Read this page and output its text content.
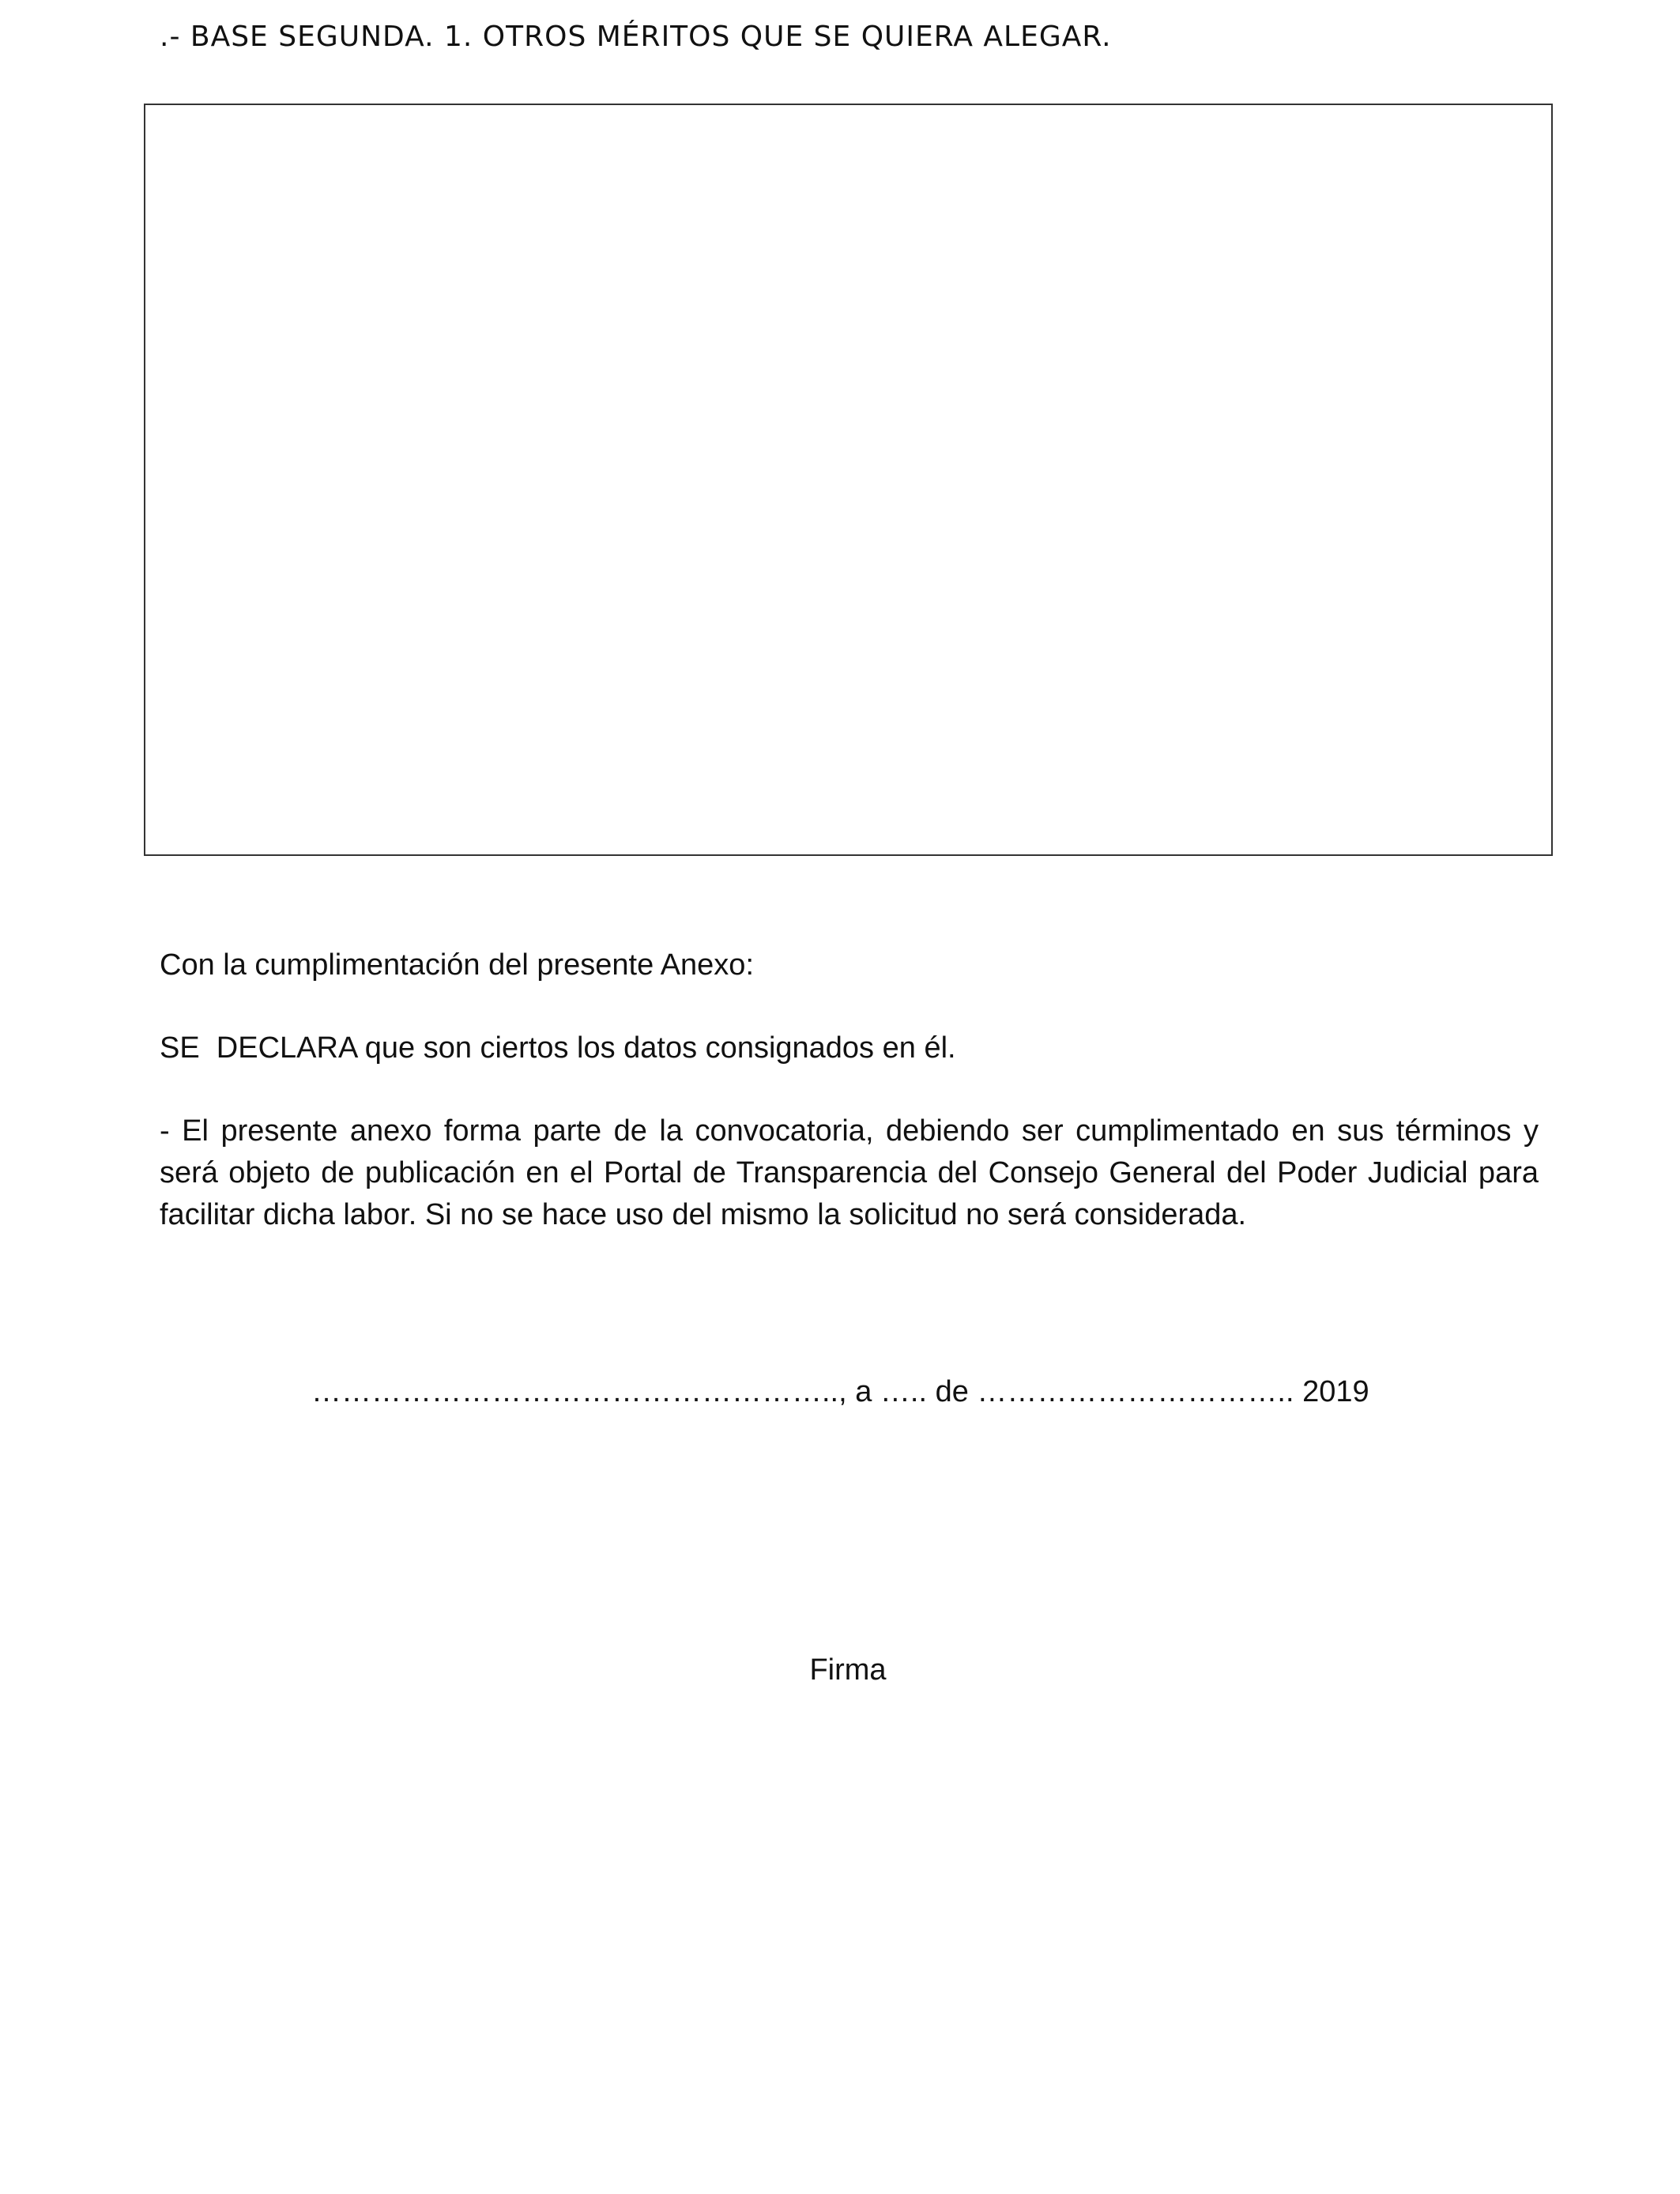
.- BASE SEGUNDA. 1. OTROS MÉRITOS QUE SE QUIERA ALEGAR.

Con la cumplimentación del presente Anexo:

SE  DECLARA que son ciertos los datos consignados en él.

- El presente anexo forma parte de la convocatoria, debiendo ser cumplimentado en sus términos y será objeto de publicación en el Portal de Transparencia del Consejo General del Poder Judicial para facilitar dicha labor. Si no se hace uso del mismo la solicitud no será considerada.

…………………………………………….., a ….. de ………………………….. 2019
Firma
